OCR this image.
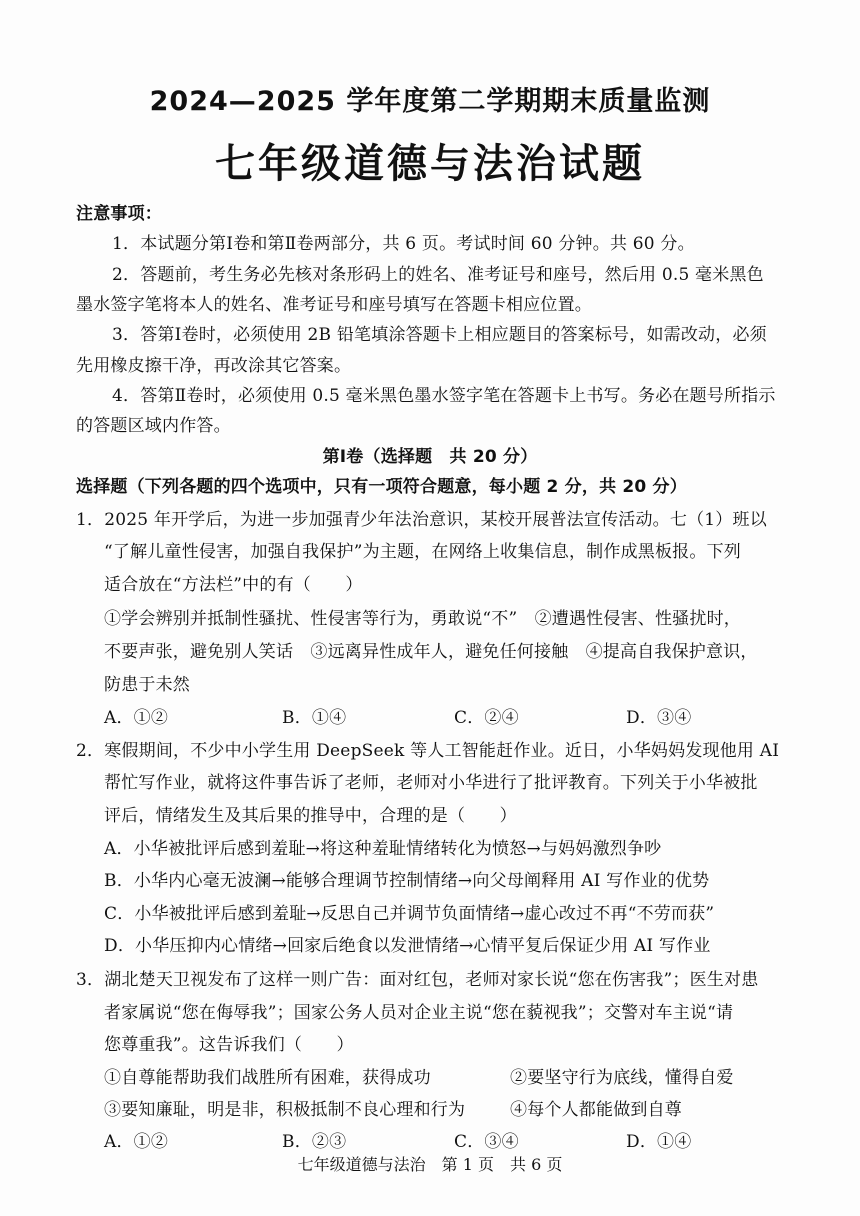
2024—2025 学年度第二学期期末质量监测
七年级道德与法治试题
注意事项：
1．本试题分第Ⅰ卷和第Ⅱ卷两部分，共 6 页。考试时间 60 分钟。共 60 分。
2．答题前，考生务必先核对条形码上的姓名、准考证号和座号，然后用 0.5 毫米黑色
墨水签字笔将本人的姓名、准考证号和座号填写在答题卡相应位置。
3．答第Ⅰ卷时，必须使用 2B 铅笔填涂答题卡上相应题目的答案标号，如需改动，必须
先用橡皮擦干净，再改涂其它答案。
4．答第Ⅱ卷时，必须使用 0.5 毫米黑色墨水签字笔在答题卡上书写。务必在题号所指示
的答题区域内作答。
第Ⅰ卷（选择题　共 20 分）
选择题（下列各题的四个选项中，只有一项符合题意，每小题 2 分，共 20 分）
1．2025 年开学后，为进一步加强青少年法治意识，某校开展普法宣传活动。七（1）班以
“了解儿童性侵害，加强自我保护”为主题，在网络上收集信息，制作成黑板报。下列
适合放在“方法栏”中的有（　　）
①学会辨别并抵制性骚扰、性侵害等行为，勇敢说“不”　②遭遇性侵害、性骚扰时，
不要声张，避免别人笑话　③远离异性成年人，避免任何接触　④提高自我保护意识，
防患于未然
A．①②	B．①④	C．②④	D．③④
2．寒假期间，不少中小学生用 DeepSeek 等人工智能赶作业。近日，小华妈妈发现他用 AI
帮忙写作业，就将这件事告诉了老师，老师对小华进行了批评教育。下列关于小华被批
评后，情绪发生及其后果的推导中，合理的是（　　）
A．小华被批评后感到羞耻→将这种羞耻情绪转化为愤怒→与妈妈激烈争吵
B．小华内心毫无波澜→能够合理调节控制情绪→向父母阐释用 AI 写作业的优势
C．小华被批评后感到羞耻→反思自己并调节负面情绪→虚心改过不再“不劳而获”
D．小华压抑内心情绪→回家后绝食以发泄情绪→心情平复后保证少用 AI 写作业
3．湖北楚天卫视发布了这样一则广告：面对红包，老师对家长说“您在伤害我”；医生对患
者家属说“您在侮辱我”；国家公务人员对企业主说“您在藐视我”；交警对车主说“请
您尊重我”。这告诉我们（　　）
①自尊能帮助我们战胜所有困难，获得成功	②要坚守行为底线，懂得自爱
③要知廉耻，明是非，积极抵制不良心理和行为	④每个人都能做到自尊
A．①②	B．②③	C．③④	D．①④
七年级道德与法治　第 1 页　共 6 页
